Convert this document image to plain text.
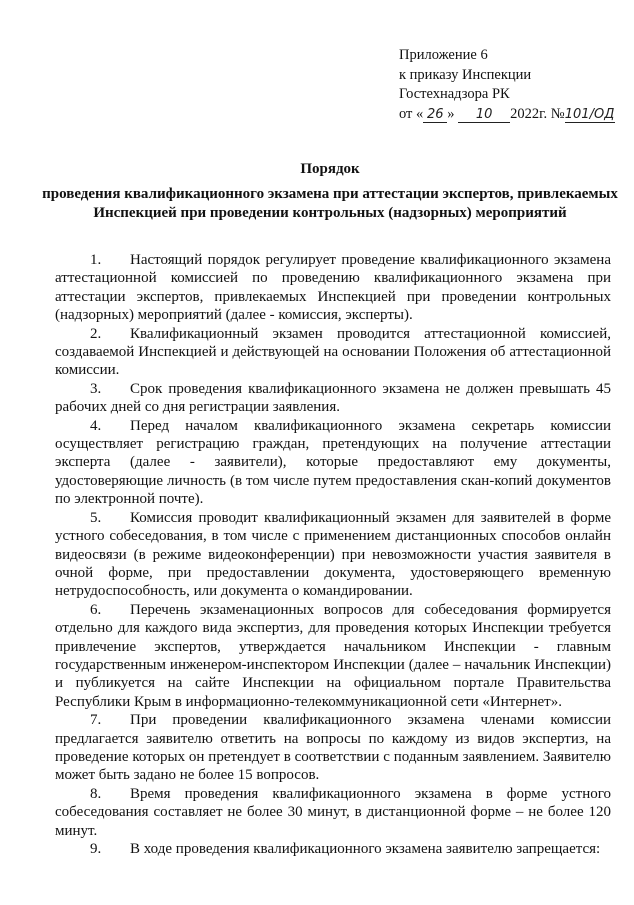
Приложение 6
к приказу Инспекции
Гостехнадзора РК
от « 26 » 10 2022г. №101/ОД
Порядок
проведения квалификационного экзамена при аттестации экспертов, привлекаемых Инспекцией при проведении контрольных (надзорных) мероприятий

1. Настоящий порядок регулирует проведение квалификационного экзамена аттестационной комиссией по проведению квалификационного экзамена при аттестации экспертов, привлекаемых Инспекцией при проведении контрольных (надзорных) мероприятий (далее - комиссия, эксперты).

2. Квалификационный экзамен проводится аттестационной комиссией, создаваемой Инспекцией и действующей на основании Положения об аттестационной комиссии.

3. Срок проведения квалификационного экзамена не должен превышать 45 рабочих дней со дня регистрации заявления.

4. Перед началом квалификационного экзамена секретарь комиссии осуществляет регистрацию граждан, претендующих на получение аттестации эксперта (далее - заявители), которые предоставляют ему документы, удостоверяющие личность (в том числе путем предоставления скан-копий документов по электронной почте).

5. Комиссия проводит квалификационный экзамен для заявителей в форме устного собеседования, в том числе с применением дистанционных способов онлайн видеосвязи (в режиме видеоконференции) при невозможности участия заявителя в очной форме, при предоставлении документа, удостоверяющего временную нетрудоспособность, или документа о командировании.

6. Перечень экзаменационных вопросов для собеседования формируется отдельно для каждого вида экспертиз, для проведения которых Инспекции требуется привлечение экспертов, утверждается начальником Инспекции - главным государственным инженером-инспектором Инспекции (далее – начальник Инспекции) и публикуется на сайте Инспекции на официальном портале Правительства Республики Крым в информационно-телекоммуникационной сети «Интернет».

7. При проведении квалификационного экзамена членами комиссии предлагается заявителю ответить на вопросы по каждому из видов экспертиз, на проведение которых он претендует в соответствии с поданным заявлением. Заявителю может быть задано не более 15 вопросов.

8. Время проведения квалификационного экзамена в форме устного собеседования составляет не более 30 минут, в дистанционной форме – не более 120 минут.

9. В ходе проведения квалификационного экзамена заявителю запрещается:
